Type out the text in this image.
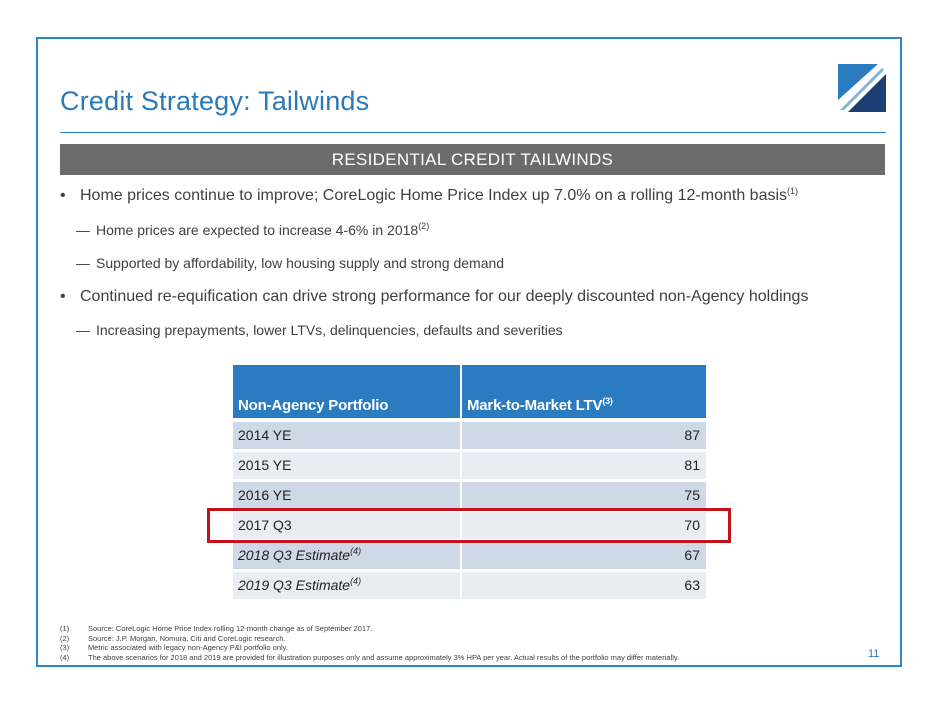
Credit Strategy: Tailwinds
RESIDENTIAL CREDIT TAILWINDS

• Home prices continue to improve; CoreLogic Home Price Index up 7.0% on a rolling 12-month basis$^{(1)}$

— Home prices are expected to increase 4-6% in 2018$^{(2)}$

— Supported by affordability, low housing supply and strong demand

• Continued re-equification can drive strong performance for our deeply discounted non-Agency holdings

— Increasing prepayments, lower LTVs, delinquencies, defaults and severities

Non-Agency Portfolio	Mark-to-Market LTV$^{(3)}$
2014 YE	87
2015 YE	81
2016 YE	75
2017 Q3	70
2018 Q3 Estimate$^{(4)}$	67
2019 Q3 Estimate$^{(4)}$	63
(1)	Source: CoreLogic Home Price Index rolling 12-month change as of September 2017.
(2)	Source: J.P. Morgan, Nomura, Citi and CoreLogic research.
(3)	Metric associated with legacy non-Agency P&I portfolio only.
(4)	The above scenarios for 2018 and 2019 are provided for illustration purposes only and assume approximately 3% HPA per year. Actual results of the portfolio may differ materially.	11
